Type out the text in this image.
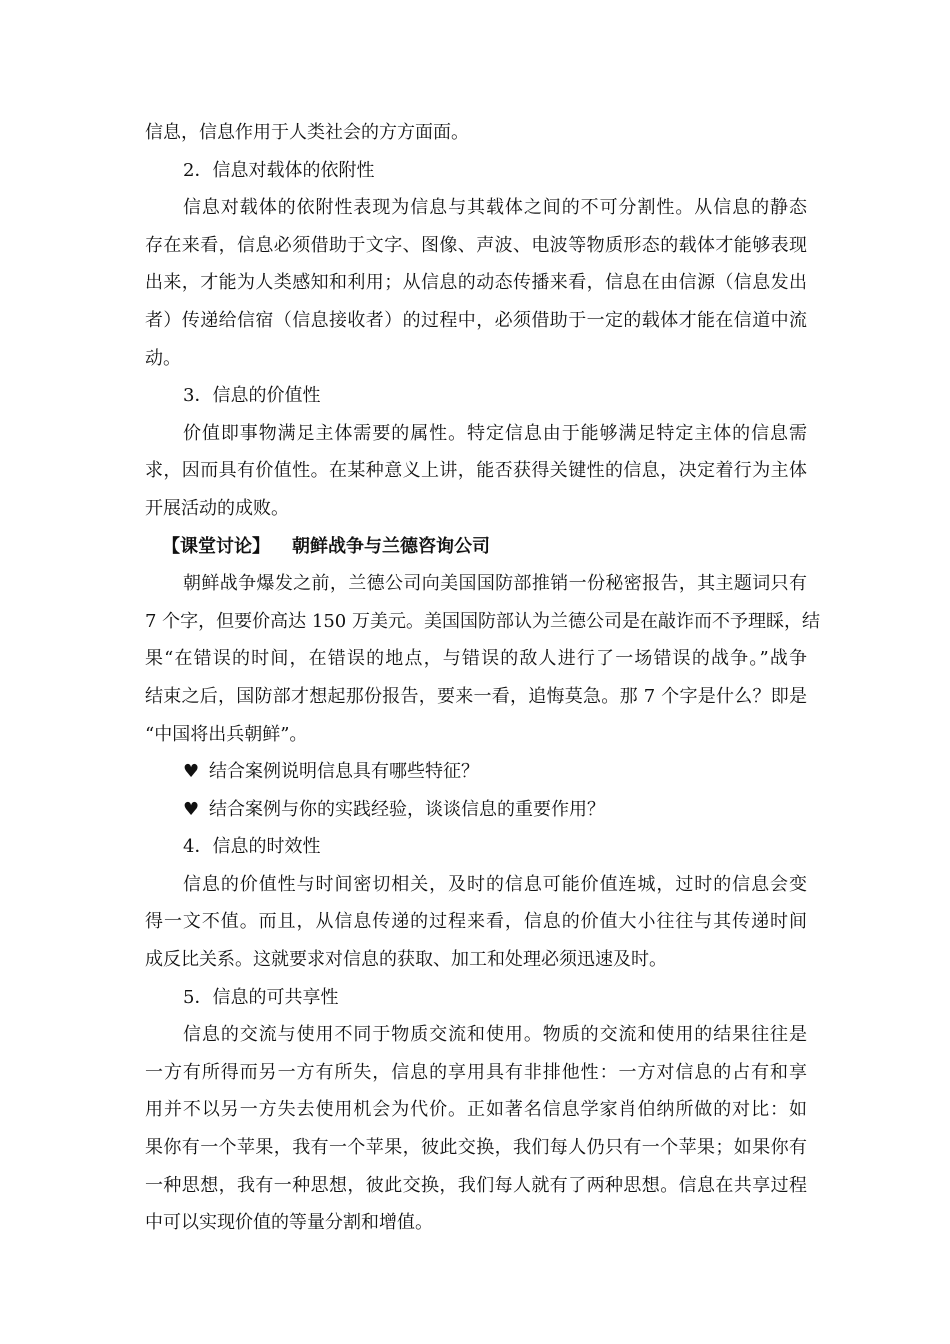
信息，信息作用于人类社会的方方面面。
2．信息对载体的依附性
信息对载体的依附性表现为信息与其载体之间的不可分割性。从信息的静态
存在来看，信息必须借助于文字、图像、声波、电波等物质形态的载体才能够表现
出来，才能为人类感知和利用；从信息的动态传播来看，信息在由信源（信息发出
者）传递给信宿（信息接收者）的过程中，必须借助于一定的载体才能在信道中流
动。
3．信息的价值性
价值即事物满足主体需要的属性。特定信息由于能够满足特定主体的信息需
求，因而具有价值性。在某种意义上讲，能否获得关键性的信息，决定着行为主体
开展活动的成败。
【课堂讨论】 朝鲜战争与兰德咨询公司
朝鲜战争爆发之前，兰德公司向美国国防部推销一份秘密报告，其主题词只有
7 个字，但要价高达 150 万美元。美国国防部认为兰德公司是在敲诈而不予理睬，结
果“在错误的时间，在错误的地点，与错误的敌人进行了一场错误的战争。”战争
结束之后，国防部才想起那份报告，要来一看，追悔莫急。那 7 个字是什么？即是
“中国将出兵朝鲜”。
♥ 结合案例说明信息具有哪些特征？
♥ 结合案例与你的实践经验，谈谈信息的重要作用？
4．信息的时效性
信息的价值性与时间密切相关，及时的信息可能价值连城，过时的信息会变
得一文不值。而且，从信息传递的过程来看，信息的价值大小往往与其传递时间
成反比关系。这就要求对信息的获取、加工和处理必须迅速及时。
5．信息的可共享性
信息的交流与使用不同于物质交流和使用。物质的交流和使用的结果往往是
一方有所得而另一方有所失，信息的享用具有非排他性：一方对信息的占有和享
用并不以另一方失去使用机会为代价。正如著名信息学家肖伯纳所做的对比：如
果你有一个苹果，我有一个苹果，彼此交换，我们每人仍只有一个苹果；如果你有
一种思想，我有一种思想，彼此交换，我们每人就有了两种思想。信息在共享过程
中可以实现价值的等量分割和增值。
